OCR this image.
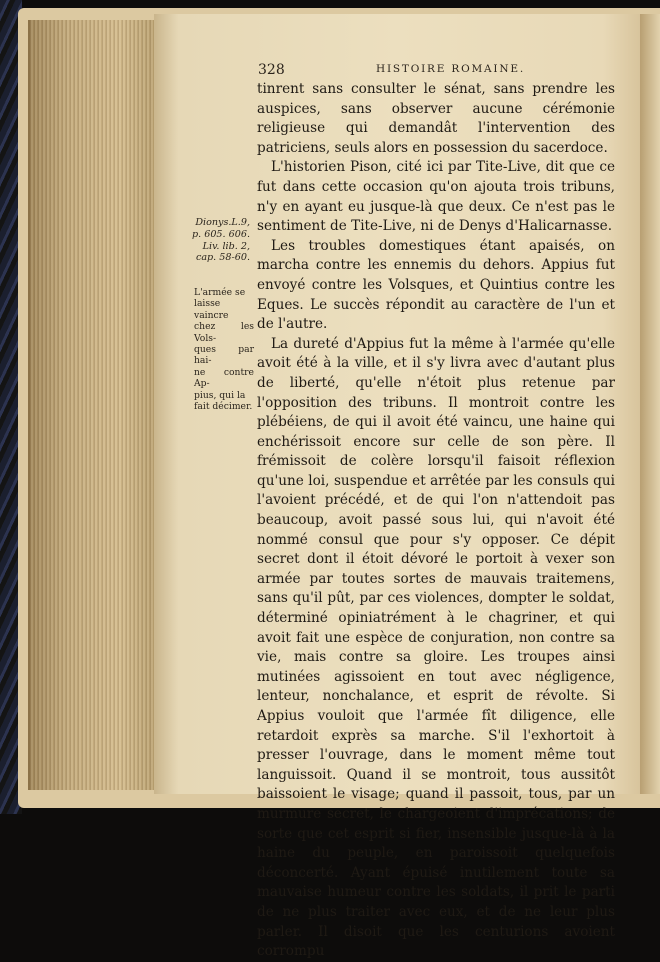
328	HISTOIRE ROMAINE.
Dionys.L.9,
p. 605. 606.
Liv. lib. 2,
cap. 58-60.
L'armée se
laisse vaincre
chez les Vols-
ques par hai-
ne contre Ap-
pius, qui la
fait décimer.

tinrent sans consulter le sénat, sans prendre les auspices, sans observer aucune cérémonie religieuse qui demandât l'intervention des patriciens, seuls alors en possession du sacerdoce.

L'historien Pison, cité ici par Tite-Live, dit que ce fut dans cette occasion qu'on ajouta trois tribuns, n'y en ayant eu jusque-là que deux. Ce n'est pas le sentiment de Tite-Live, ni de Denys d'Halicarnasse.

Les troubles domestiques étant apaisés, on marcha contre les ennemis du dehors. Appius fut envoyé contre les Volsques, et Quintius contre les Eques. Le succès répondit au caractère de l'un et de l'autre.

La dureté d'Appius fut la même à l'armée qu'elle avoit été à la ville, et il s'y livra avec d'autant plus de liberté, qu'elle n'étoit plus retenue par l'opposition des tribuns. Il montroit contre les plébéiens, de qui il avoit été vaincu, une haine qui enchérissoit encore sur celle de son père. Il frémissoit de colère lorsqu'il faisoit réflexion qu'une loi, suspendue et arrêtée par les consuls qui l'avoient précédé, et de qui l'on n'attendoit pas beaucoup, avoit passé sous lui, qui n'avoit été nommé consul que pour s'y opposer. Ce dépit secret dont il étoit dévoré le portoit à vexer son armée par toutes sortes de mauvais traitemens, sans qu'il pût, par ces violences, dompter le soldat, déterminé opiniatrément à le chagriner, et qui avoit fait une espèce de conjuration, non contre sa vie, mais contre sa gloire. Les troupes ainsi mutinées agissoient en tout avec négligence, lenteur, nonchalance, et esprit de révolte. Si Appius vouloit que l'armée fît diligence, elle retardoit exprès sa marche. S'il l'exhortoit à presser l'ouvrage, dans le moment même tout languissoit. Quand il se montroit, tous aussitôt baissoient le visage; quand il passoit, tous, par un murmure secret, le chargeoient d'imprécations; de sorte que cet esprit si fier, insensible jusque-là à la haine du peuple, en paroissoit quelquefois déconcerté. Ayant épuisé inutilement toute sa mauvaise humeur contre les soldats, il prit le parti de ne plus traiter avec eux, et de ne leur plus parler. Il disoit que les centurions avoient corrompu
